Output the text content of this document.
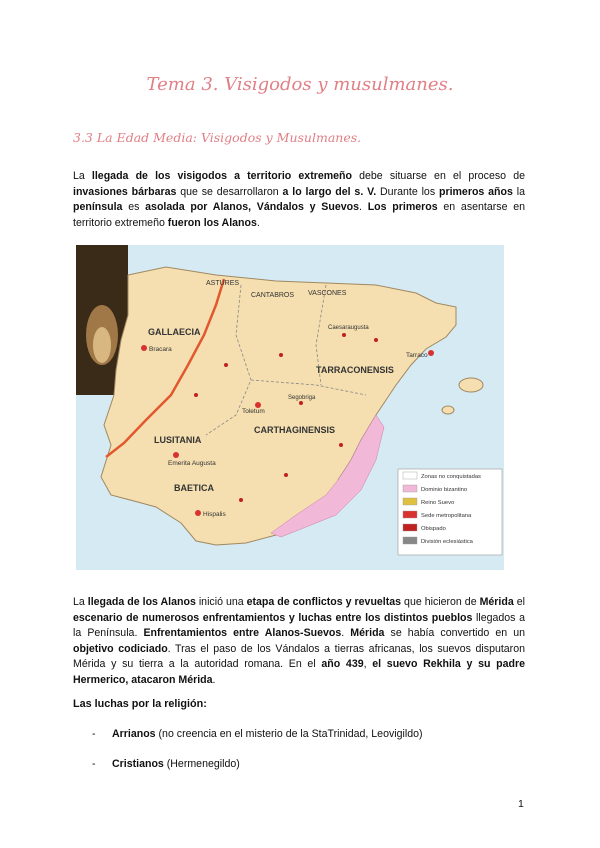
Tema 3. Visigodos y musulmanes.
3.3 La Edad Media: Visigodos y Musulmanes.
La llegada de los visigodos a territorio extremeño debe situarse en el proceso de invasiones bárbaras que se desarrollaron a lo largo del s. V. Durante los primeros años la península es asolada por Alanos, Vándalos y Suevos. Los primeros en asentarse en territorio extremeño fueron los Alanos.
GALLAECIA
LUSITANIA
BAETICA
CARTHAGINENSIS
TARRACONENSIS
ASTURES
CANTABROS VASCONES
Bracara
Emerita Augusta
Hispalis
Tarraco
Toletum
Caesaraugusta
Segobriga
Zonas no conquistadas
Dominio bizantino
Reino Suevo
Sede metropolitana
Obispado
División eclesiástica
La llegada de los Alanos inició una etapa de conflictos y revueltas que hicieron de Mérida el escenario de numerosos enfrentamientos y luchas entre los distintos pueblos llegados a la Península. Enfrentamientos entre Alanos-Suevos. Mérida se había convertido en un objetivo codiciado. Tras el paso de los Vándalos a tierras africanas, los suevos disputaron Mérida y su tierra a la autoridad romana. En el año 439, el suevo Rekhila y su padre Hermerico, atacaron Mérida.
Las luchas por la religión:
- Arrianos (no creencia en el misterio de la StaTrinidad, Leovigildo)
- Cristianos (Hermenegildo)
1
